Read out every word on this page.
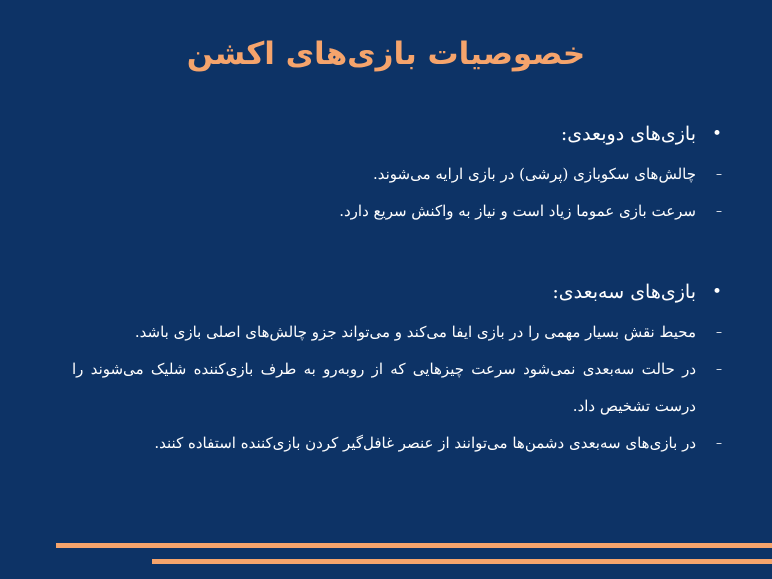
خصوصیات بازی‌های اکشن
•
بازی‌های دوبعدی:
–
چالش‌های سکوبازی (پرشی) در بازی ارایه می‌شوند.
–
سرعت بازی عموما زیاد است و نیاز به واکنش سریع دارد.
•
بازی‌های سه‌بعدی:
–
محیط نقش بسیار مهمی را در بازی ایفا می‌کند و می‌تواند جزو چالش‌های اصلی بازی باشد.
–
در حالت سه‌بعدی نمی‌شود سرعت چیزهایی که از روبه‌رو به طرف بازی‌کننده شلیک می‌شوند را درست تشخیص داد.
–
در بازی‌های سه‌بعدی دشمن‌ها می‌توانند از عنصر غافل‌گیر کردن بازی‌کننده استفاده کنند.
